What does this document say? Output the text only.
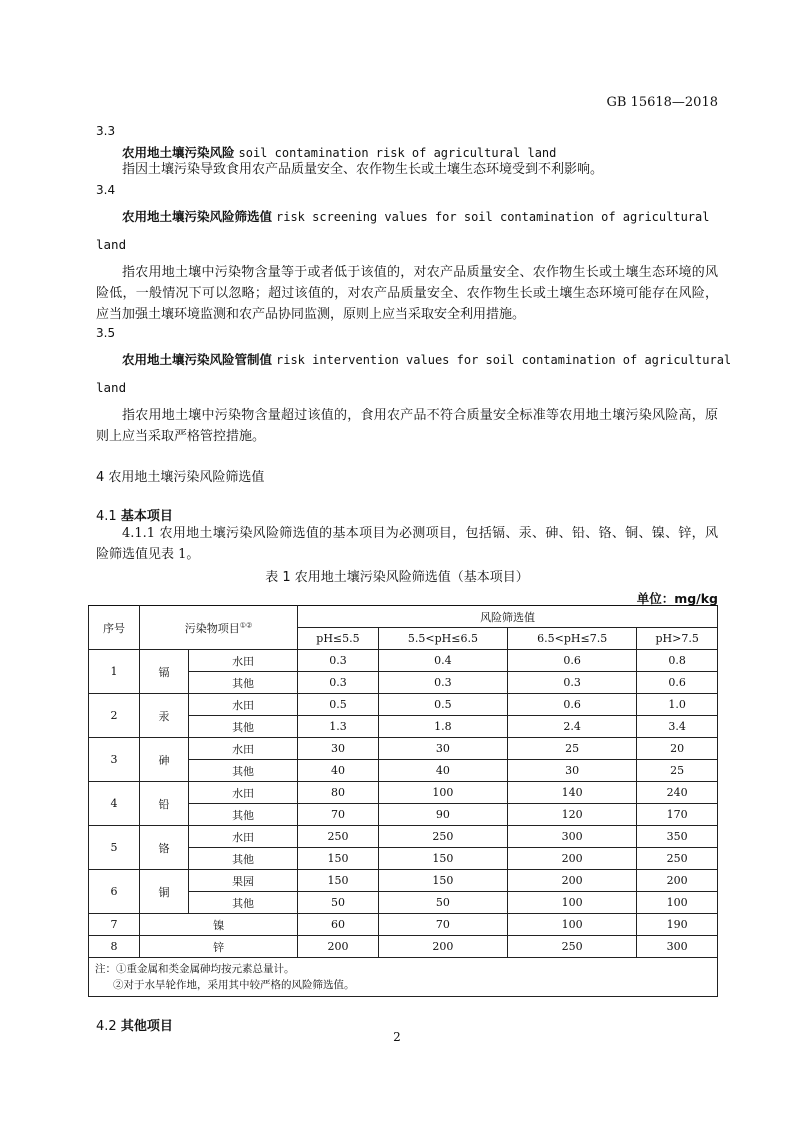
GB 15618—2018
3.3
农用地土壤污染风险 soil contamination risk of agricultural land
指因土壤污染导致食用农产品质量安全、农作物生长或土壤生态环境受到不利影响。
3.4
农用地土壤污染风险筛选值 risk screening values for soil contamination of agricultural
land
指农用地土壤中污染物含量等于或者低于该值的，对农产品质量安全、农作物生长或土壤生态环境的风险低，一般情况下可以忽略；超过该值的，对农产品质量安全、农作物生长或土壤生态环境可能存在风险，应当加强土壤环境监测和农产品协同监测，原则上应当采取安全利用措施。
3.5
农用地土壤污染风险管制值 risk intervention values for soil contamination of agricultural
land
指农用地土壤中污染物含量超过该值的，食用农产品不符合质量安全标准等农用地土壤污染风险高，原则上应当采取严格管控措施。
4 农用地土壤污染风险筛选值
4.1 基本项目
4.1.1 农用地土壤污染风险筛选值的基本项目为必测项目，包括镉、汞、砷、铅、铬、铜、镍、锌，风险筛选值见表 1。
表 1 农用地土壤污染风险筛选值（基本项目）
单位：mg/kg
序号	污染物项目①②		风险筛选值			
			pH≤5.5	5.5<pH≤6.5	6.5<pH≤7.5	pH>7.5
1	镉	水田	0.3	0.4	0.6	0.8
		其他	0.3	0.3	0.3	0.6
2	汞	水田	0.5	0.5	0.6	1.0
		其他	1.3	1.8	2.4	3.4
3	砷	水田	30	30	25	20
		其他	40	40	30	25
4	铅	水田	80	100	140	240
		其他	70	90	120	170
5	铬	水田	250	250	300	350
		其他	150	150	200	250
6	铜	果园	150	150	200	200
		其他	50	50	100	100
7	镍		60	70	100	190
8	锌		200	200	250	300

注：①重金属和类金属砷均按元素总量计。
②对于水旱轮作地，采用其中较严格的风险筛选值。						
4.2 其他项目
2
